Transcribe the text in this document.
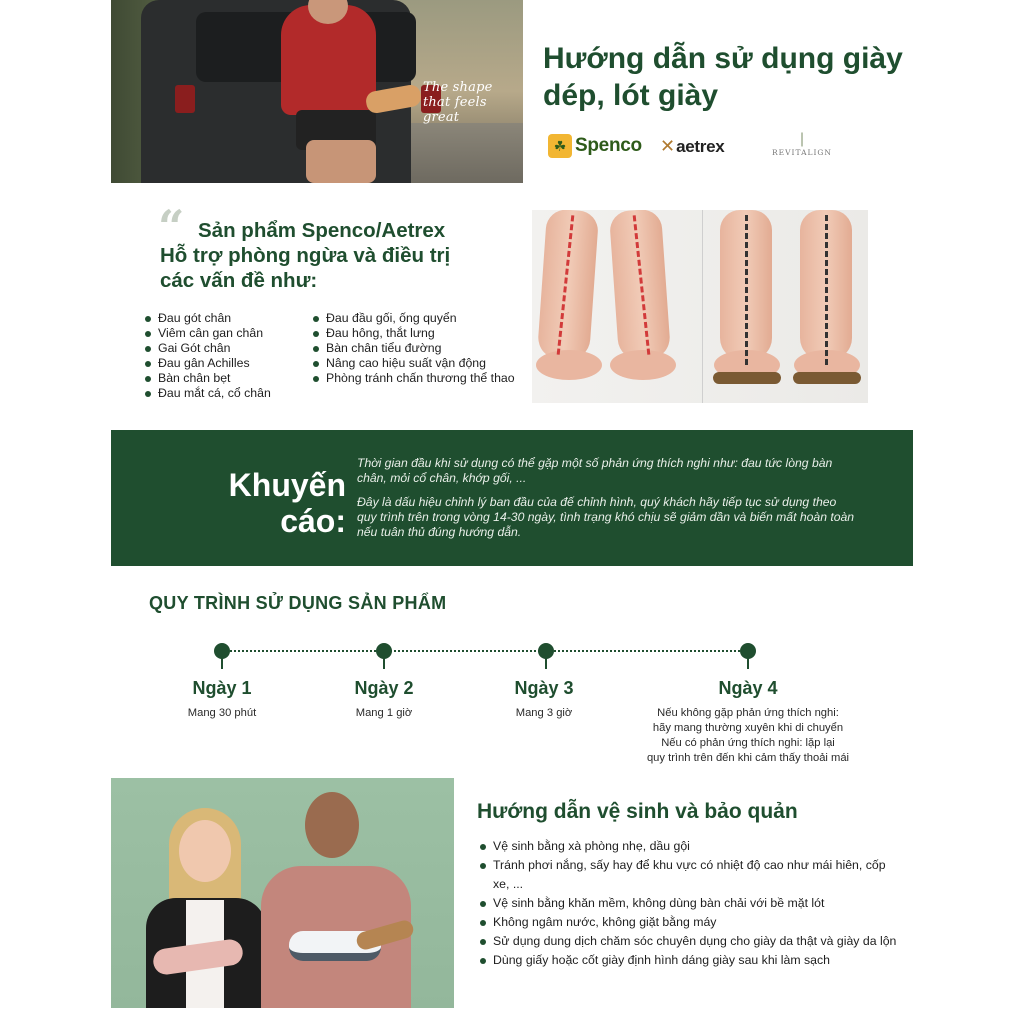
The shape that feels great
Hướng dẫn sử dụng giày dép, lót giày
☘ Spenco ✕ aetrex	❘
REVITALIGN
“ Sản phẩm Spenco/Aetrex
Hỗ trợ phòng ngừa và điều trị
các vấn đề như:
Đau gót chân
Viêm cân gan chân
Gai Gót chân
Đau gân Achilles
Bàn chân bẹt
Đau mắt cá, cổ chân
Đau đầu gối, ống quyển
Đau hông, thắt lưng
Bàn chân tiểu đường
Nâng cao hiệu suất vận động
Phòng tránh chấn thương thể thao
Khuyến
cáo:

Thời gian đầu khi sử dụng có thể gặp một số phản ứng thích nghi như: đau tức lòng bàn chân, mỏi cổ chân, khớp gối, ...

Đây là dấu hiệu chỉnh lý ban đầu của đế chỉnh hình, quý khách hãy tiếp tục sử dụng theo quy trình trên trong vòng 14-30 ngày, tình trạng khó chịu sẽ giảm dần và biến mất hoàn toàn nếu tuân thủ đúng hướng dẫn.

QUY TRÌNH SỬ DỤNG SẢN PHẨM
Ngày 1
Mang 30 phút
Ngày 2
Mang 1 giờ
Ngày 3
Mang 3 giờ
Ngày 4
Nếu không gặp phản ứng thích nghi:
hãy mang thường xuyên khi di chuyển
Nếu có phản ứng thích nghi: lặp lại
quy trình trên đến khi cảm thấy thoải mái
Hướng dẫn vệ sinh và bảo quản
Vệ sinh bằng xà phòng nhẹ, dầu gội
Tránh phơi nắng, sấy hay để khu vực có nhiệt độ cao như mái hiên, cốp xe, ...
Vệ sinh bằng khăn mềm, không dùng bàn chải với bề mặt lót
Không ngâm nước, không giặt bằng máy
Sử dụng dung dịch chăm sóc chuyên dụng cho giày da thật và giày da lộn
Dùng giấy hoặc cốt giày định hình dáng giày sau khi làm sạch
